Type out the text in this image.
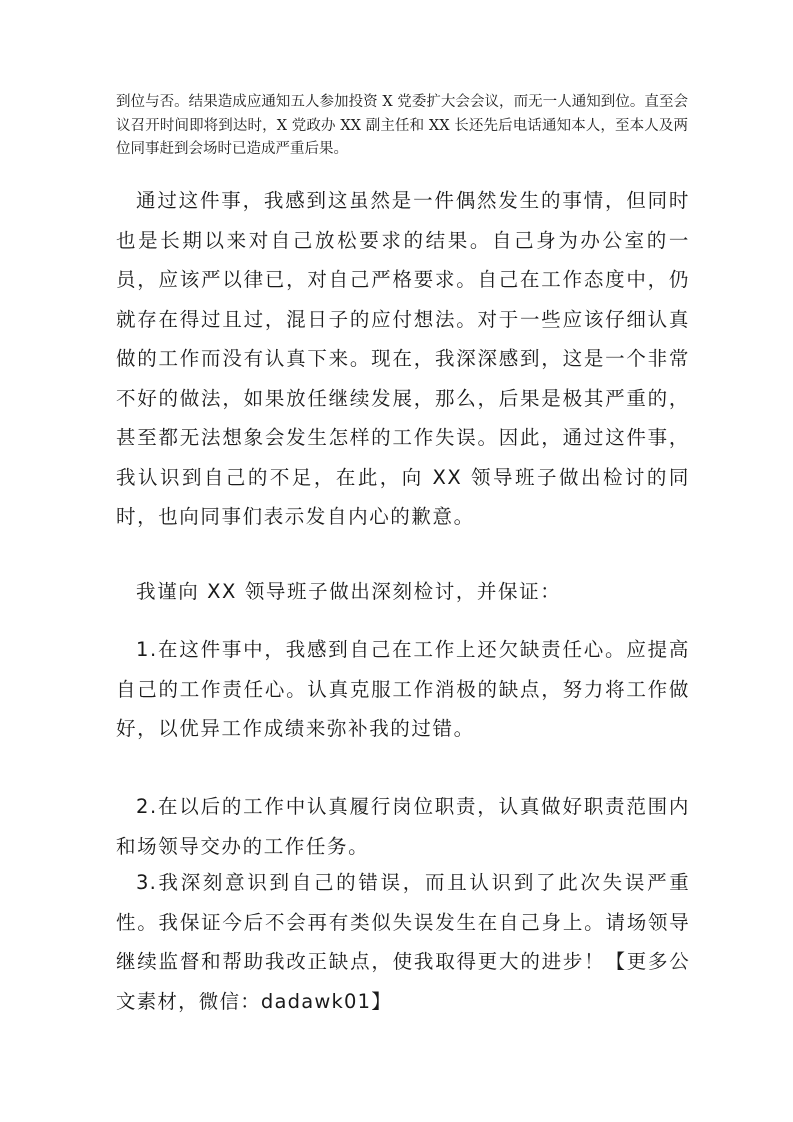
到位与否。结果造成应通知五人参加投资 X 党委扩大会会议，而无一人通知到位。直至会议召开时间即将到达时，X 党政办 XX 副主任和 XX 长还先后电话通知本人，至本人及两位同事赶到会场时已造成严重后果。

通过这件事，我感到这虽然是一件偶然发生的事情，但同时也是长期以来对自己放松要求的结果。自己身为办公室的一员，应该严以律已，对自己严格要求。自己在工作态度中，仍就存在得过且过，混日子的应付想法。对于一些应该仔细认真做的工作而没有认真下来。现在，我深深感到，这是一个非常不好的做法，如果放任继续发展，那么，后果是极其严重的，甚至都无法想象会发生怎样的工作失误。因此，通过这件事，我认识到自己的不足，在此，向 XX 领导班子做出检讨的同时，也向同事们表示发自内心的歉意。

我谨向 XX 领导班子做出深刻检讨，并保证：

1.在这件事中，我感到自己在工作上还欠缺责任心。应提高自己的工作责任心。认真克服工作消极的缺点，努力将工作做好，以优异工作成绩来弥补我的过错。

2.在以后的工作中认真履行岗位职责，认真做好职责范围内和场领导交办的工作任务。

3.我深刻意识到自己的错误，而且认识到了此次失误严重性。我保证今后不会再有类似失误发生在自己身上。请场领导继续监督和帮助我改正缺点，使我取得更大的进步！【更多公文素材，微信：dadawk01】
